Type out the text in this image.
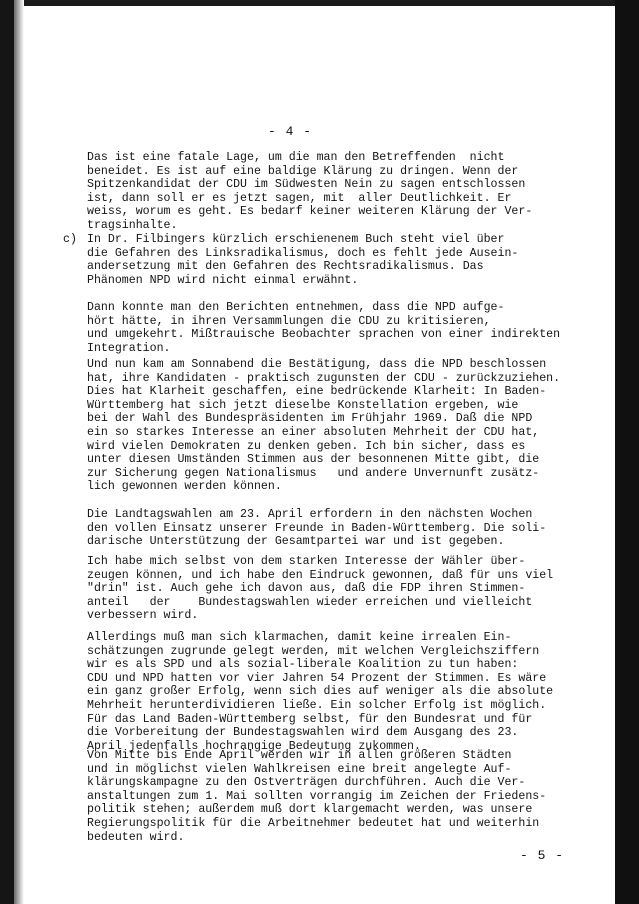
- 4 -
Das ist eine fatale Lage, um die man den Betreffenden  nicht
beneidet. Es ist auf eine baldige Klärung zu dringen. Wenn der
Spitzenkandidat der CDU im Südwesten Nein zu sagen entschlossen
ist, dann soll er es jetzt sagen, mit  aller Deutlichkeit. Er
weiss, worum es geht. Es bedarf keiner weiteren Klärung der Ver-
tragsinhalte.
c) In Dr. Filbingers kürzlich erschienenem Buch steht viel über
die Gefahren des Linksradikalismus, doch es fehlt jede Ausein-
andersetzung mit den Gefahren des Rechtsradikalismus. Das
Phänomen NPD wird nicht einmal erwähnt.
Dann konnte man den Berichten entnehmen, dass die NPD aufge-
hört hätte, in ihren Versammlungen die CDU zu kritisieren,
und umgekehrt. Mißtrauische Beobachter sprachen von einer indirekten
Integration.
Und nun kam am Sonnabend die Bestätigung, dass die NPD beschlossen
hat, ihre Kandidaten - praktisch zugunsten der CDU - zurückzuziehen.
Dies hat Klarheit geschaffen, eine bedrückende Klarheit: In Baden-
Württemberg hat sich jetzt dieselbe Konstellation ergeben, wie
bei der Wahl des Bundespräsidenten im Frühjahr 1969. Daß die NPD
ein so starkes Interesse an einer absoluten Mehrheit der CDU hat,
wird vielen Demokraten zu denken geben. Ich bin sicher, dass es
unter diesen Umständen Stimmen aus der besonnenen Mitte gibt, die
zur Sicherung gegen Nationalismus   und andere Unvernunft zusätz-
lich gewonnen werden können.
Die Landtagswahlen am 23. April erfordern in den nächsten Wochen
den vollen Einsatz unserer Freunde in Baden-Württemberg. Die soli-
darische Unterstützung der Gesamtpartei war und ist gegeben.
Ich habe mich selbst von dem starken Interesse der Wähler über-
zeugen können, und ich habe den Eindruck gewonnen, daß für uns viel
"drin" ist. Auch gehe ich davon aus, daß die FDP ihren Stimmen-
anteil   der    Bundestagswahlen wieder erreichen und vielleicht
verbessern wird.
Allerdings muß man sich klarmachen, damit keine irrealen Ein-
schätzungen zugrunde gelegt werden, mit welchen Vergleichsziffern
wir es als SPD und als sozial-liberale Koalition zu tun haben:
CDU und NPD hatten vor vier Jahren 54 Prozent der Stimmen. Es wäre
ein ganz großer Erfolg, wenn sich dies auf weniger als die absolute
Mehrheit herunterdividieren ließe. Ein solcher Erfolg ist möglich.
Für das Land Baden-Württemberg selbst, für den Bundesrat und für
die Vorbereitung der Bundestagswahlen wird dem Ausgang des 23.
April jedenfalls hochrangige Bedeutung zukommen.
Von Mitte bis Ende April werden wir in allen größeren Städten
und in möglichst vielen Wahlkreisen eine breit angelegte Auf-
klärungskampagne zu den Ostverträgen durchführen. Auch die Ver-
anstaltungen zum 1. Mai sollten vorrangig im Zeichen der Friedens-
politik stehen; außerdem muß dort klargemacht werden, was unsere
Regierungspolitik für die Arbeitnehmer bedeutet hat und weiterhin
bedeuten wird.
- 5 -
